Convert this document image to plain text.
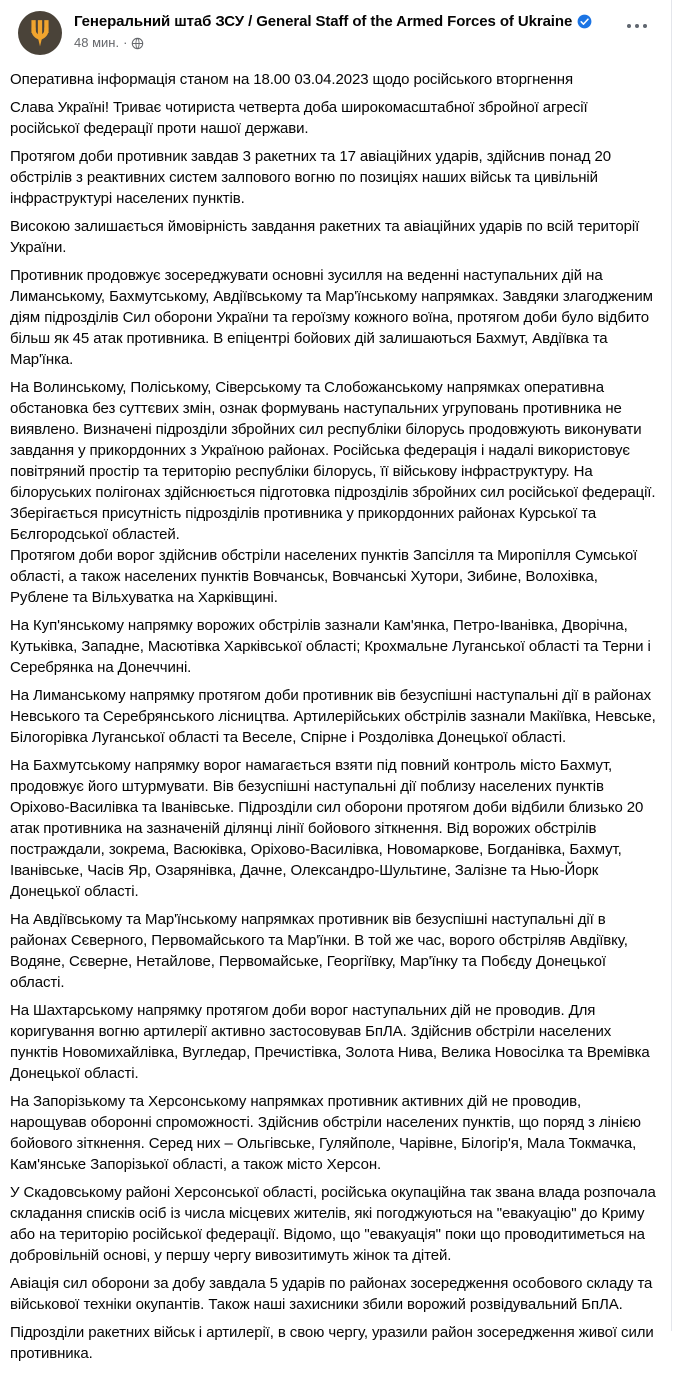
Генеральний штаб ЗСУ / General Staff of the Armed Forces of Ukraine
48 мин. ·

Оперативна інформація станом на 18.00 03.04.2023 щодо російського вторгнення

Слава Україні! Триває чотириста четверта доба широкомасштабної збройної агресії російської федерації проти нашої держави.

Протягом доби противник завдав 3 ракетних та 17 авіаційних ударів, здійснив понад 20 обстрілів з реактивних систем залпового вогню по позиціях наших військ та цивільній інфраструктурі населених пунктів.

Високою залишається ймовірність завдання ракетних та авіаційних ударів по всій території України.

Противник продовжує зосереджувати основні зусилля на веденні наступальних дій на Лиманському, Бахмутському, Авдіївському та Мар'їнському напрямках. Завдяки злагодженим діям підрозділів Сил оборони України та героїзму кожного воїна, протягом доби було відбито більш як 45 атак противника. В епіцентрі бойових дій залишаються Бахмут, Авдіївка та Мар'їнка.

На Волинському, Поліському, Сіверському та Слобожанському напрямках оперативна обстановка без суттєвих змін, ознак формувань наступальних угруповань противника не виявлено. Визначені підрозділи збройних сил республіки білорусь продовжують виконувати завдання у прикордонних з Україною районах. Російська федерація і надалі використовує повітряний простір та територію республіки білорусь, її військову інфраструктуру. На білоруських полігонах здійснюється підготовка підрозділів збройних сил російської федерації.

Зберігається присутність підрозділів противника у прикордонних районах Курської та Бєлгородської областей.

Протягом доби ворог здійснив обстріли населених пунктів Запсілля та Миропілля Сумської області, а також населених пунктів Вовчанськ, Вовчанські Хутори, Зибине, Волохівка, Рублене та Вільхуватка на Харківщині.

На Куп'янському напрямку ворожих обстрілів зазнали Кам'янка, Петро-Іванівка, Дворічна, Кутьківка, Западне, Масютівка Харківської області; Крохмальне Луганської області та Терни і Серебрянка на Донеччині.

На Лиманському напрямку протягом доби противник вів безуспішні наступальні дії в районах Невського та Серебрянського лісництва. Артилерійських обстрілів зазнали Макіївка, Невське, Білогорівка Луганської області та Веселе, Спірне і Роздолівка Донецької області.

На Бахмутському напрямку ворог намагається взяти під повний контроль місто Бахмут, продовжує його штурмувати. Вів безуспішні наступальні дії поблизу населених пунктів Оріхово-Василівка та Іванівське. Підрозділи сил оборони протягом доби відбили близько 20 атак противника на зазначеній ділянці лінії бойового зіткнення. Від ворожих обстрілів постраждали, зокрема, Васюківка, Оріхово-Василівка, Новомаркове, Богданівка, Бахмут, Іванівське, Часів Яр, Озарянівка, Дачне, Олександро-Шультине, Залізне та Нью-Йорк Донецької області.

На Авдіївському та Мар'їнському напрямках противник вів безуспішні наступальні дії в районах Сєверного, Первомайського та Мар'їнки. В той же час, ворого обстріляв Авдіївку, Водяне, Сєверне, Нетайлове, Первомайське, Георгіївку, Мар'їнку та Побєду Донецької області.

На Шахтарському напрямку протягом доби ворог наступальних дій не проводив. Для коригування вогню артилерії активно застосовував БпЛА. Здійснив обстріли населених пунктів Новомихайлівка, Вугледар, Пречистівка, Золота Нива, Велика Новосілка та Времівка Донецької області.

На Запорізькому та Херсонському напрямках противник активних дій не проводив, нарощував оборонні спроможності. Здійснив обстріли населених пунктів, що поряд з лінією бойового зіткнення. Серед них – Ольгівське, Гуляйполе, Чарівне, Білогір'я, Мала Токмачка, Кам'янське Запорізької області, а також місто Херсон.

У Скадовському районі Херсонської області, російська окупаційна так звана влада розпочала складання списків осіб із числа місцевих жителів, які погоджуються на "евакуацію" до Криму або на територію російської федерації. Відомо, що "евакуація" поки що проводитиметься на добровільній основі, у першу чергу вивозитимуть жінок та дітей.

Авіація сил оборони за добу завдала 5 ударів по районах зосередження особового складу та військової техніки окупантів. Також наші захисники збили ворожий розвідувальний БпЛА.

Підрозділи ракетних військ і артилерії, в свою чергу, уразили район зосередження живої сили противника.
